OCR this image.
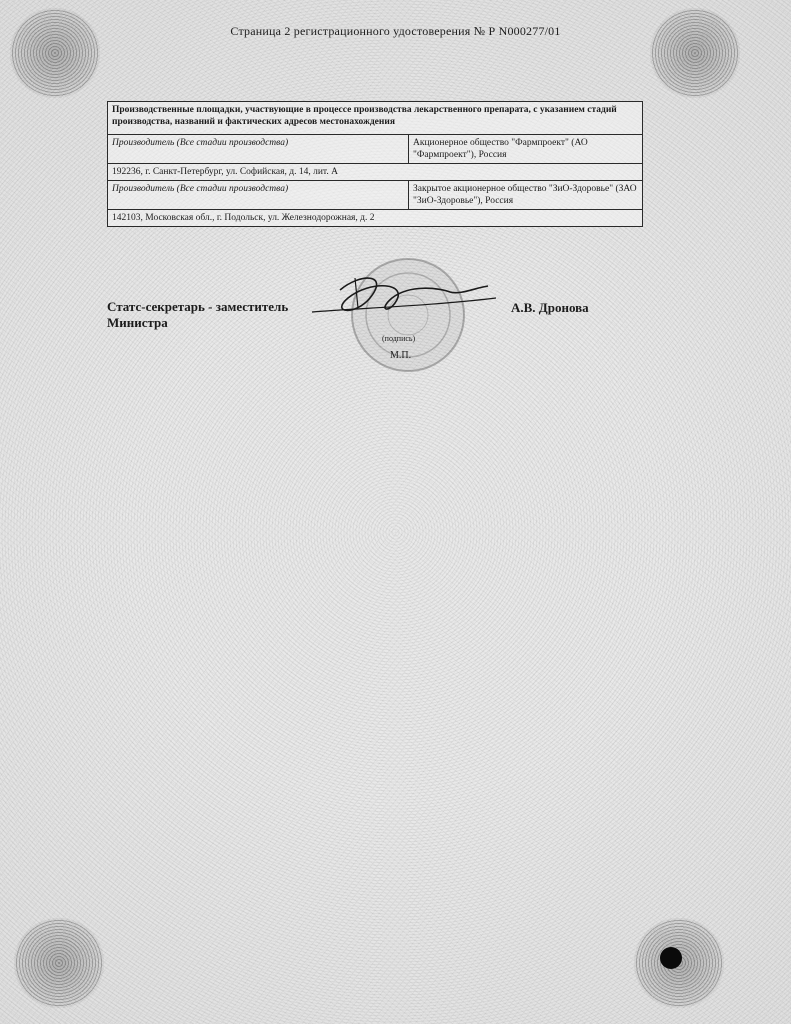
Страница 2 регистрационного удостоверения № Р N000277/01
Производственные площадки, участвующие в процессе производства лекарственного препарата, с указанием стадий производства, названий и фактических адресов местонахождения	
Производитель (Все стадии производства)	Акционерное общество "Фармпроект" (АО "Фармпроект"), Россия
192236, г. Санкт-Петербург, ул. Софийская, д. 14, лит. А	
Производитель (Все стадии производства)	Закрытое акционерное общество "ЗиО-Здоровье" (ЗАО "ЗиО-Здоровье"), Россия
142103, Московская обл., г. Подольск, ул. Железнодорожная, д. 2	
Статс-секретарь - заместитель
Министра
А.В. Дронова
(подпись)
М.П.
